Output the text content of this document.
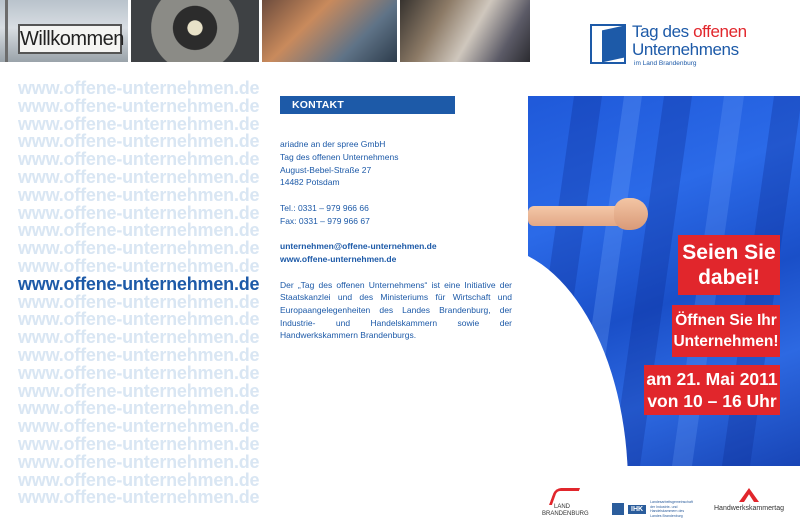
Willkommen	Tag des offenen
Unternehmens
im Land Brandenburg
www.offene-unternehmen.de
www.offene-unternehmen.de
www.offene-unternehmen.de
www.offene-unternehmen.de
www.offene-unternehmen.de
www.offene-unternehmen.de
www.offene-unternehmen.de
www.offene-unternehmen.de
www.offene-unternehmen.de
www.offene-unternehmen.de
www.offene-unternehmen.de
www.offene-unternehmen.de
www.offene-unternehmen.de
www.offene-unternehmen.de
www.offene-unternehmen.de
www.offene-unternehmen.de
www.offene-unternehmen.de
www.offene-unternehmen.de
www.offene-unternehmen.de
www.offene-unternehmen.de
www.offene-unternehmen.de
www.offene-unternehmen.de
www.offene-unternehmen.de
www.offene-unternehmen.de
KONTAKT
ariadne an der spree GmbH
Tag des offenen Unternehmens
August-Bebel-Straße 27
14482 Potsdam
Tel.: 0331 – 979 966 66
Fax: 0331 – 979 966 67
unternehmen@offene-unternehmen.de
www.offene-unternehmen.de
Der „Tag des offenen Unternehmens“ ist eine Initiative der Staatskanzlei und des Ministeriums für Wirtschaft und Europaangelegenheiten des Landes Brandenburg, der Industrie- und Handelskammern sowie der Handwerkskammern Brandenburgs.
Seien Sie
dabei!
Öffnen Sie Ihr
Unternehmen!
am 21. Mai 2011
von 10 – 16 Uhr
LAND
BRANDENBURG
IHK
Landesarbeitsgemeinschaft der Industrie- und Handelskammern des Landes Brandenburg
Handwerkskammertag
